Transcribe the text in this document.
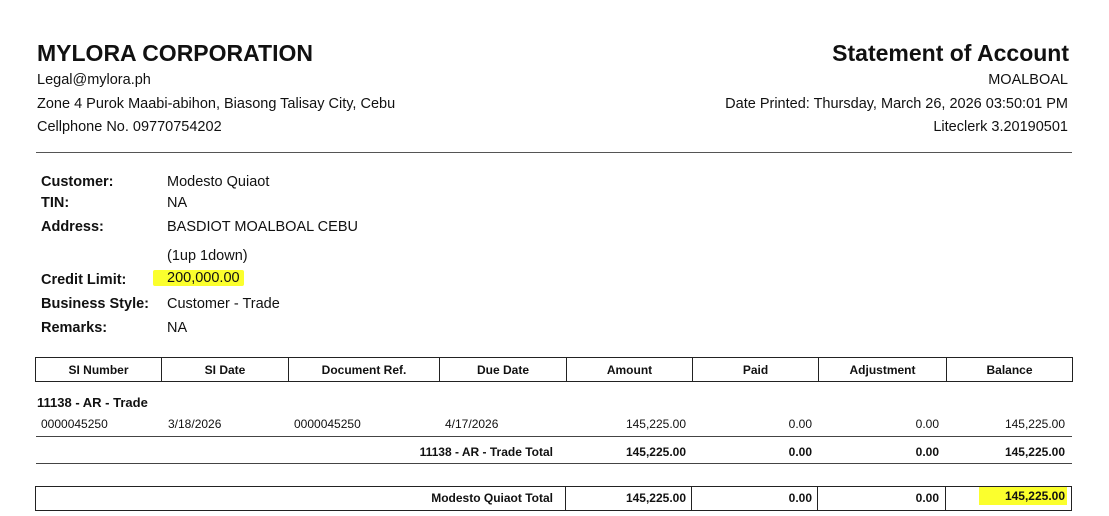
MYLORA CORPORATION
Legal@mylora.ph
Zone 4 Purok Maabi-abihon, Biasong Talisay City, Cebu
Cellphone No. 09770754202
Statement of Account
MOALBOAL
Date Printed: Thursday, March 26, 2026 03:50:01 PM
Liteclerk 3.20190501
Customer:	Modesto Quiaot
TIN:	NA
Address:	BASDIOT MOALBOAL CEBU
(1up 1down)
Credit Limit:	200,000.00
Business Style: Customer - Trade
Remarks:	NA
SI Number	SI Date	Document Ref.	Due Date	Amount	Paid	Adjustment	Balance
11138 - AR - Trade
0000045250	3/18/2026	0000045250	4/17/2026	145,225.00	0.00	0.00	145,225.00
11138 - AR - Trade Total	145,225.00	0.00	0.00	145,225.00
Modesto Quiaot Total	145,225.00	0.00	0.00	145,225.00
